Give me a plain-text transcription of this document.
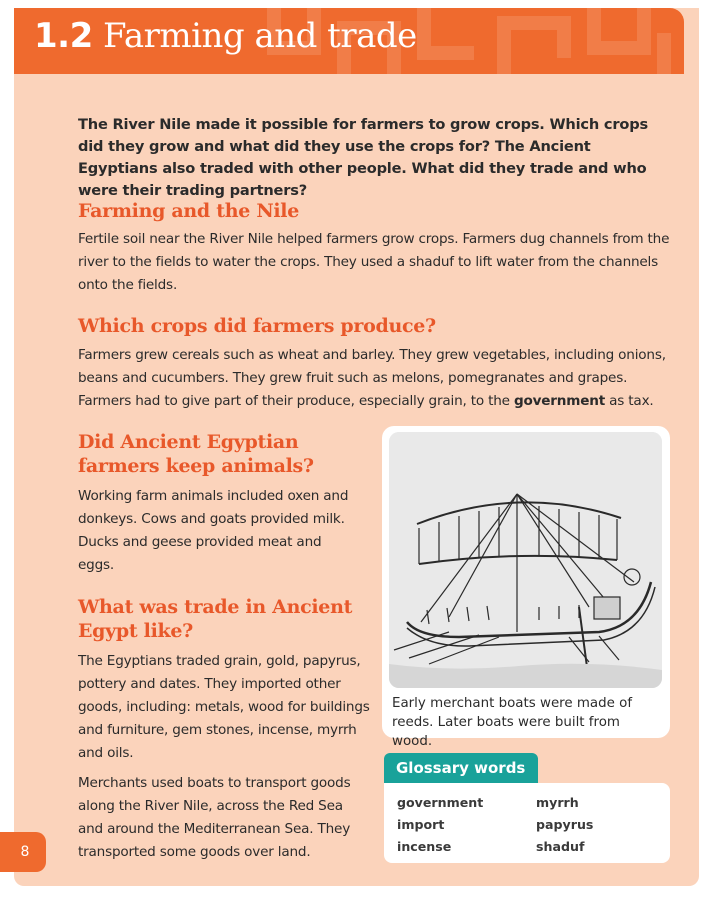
1.2 Farming and trade
The River Nile made it possible for farmers to grow crops. Which crops did they grow and what did they use the crops for? The Ancient Egyptians also traded with other people. What did they trade and who were their trading partners?
Farming and the Nile

Fertile soil near the River Nile helped farmers grow crops. Farmers dug channels from the river to the fields to water the crops. They used a shaduf to lift water from the channels onto the fields.

Which crops did farmers produce?

Farmers grew cereals such as wheat and barley. They grew vegetables, including onions, beans and cucumbers. They grew fruit such as melons, pomegranates and grapes. Farmers had to give part of their produce, especially grain, to the government as tax.

Did Ancient Egyptian
farmers keep animals?

Working farm animals included oxen and donkeys. Cows and goats provided milk. Ducks and geese provided meat and eggs.

What was trade in Ancient
Egypt like?

The Egyptians traded grain, gold, papyrus, pottery and dates. They imported other goods, including: metals, wood for buildings and furniture, gem stones, incense, myrrh and oils.

Merchants used boats to transport goods along the River Nile, across the Red Sea and around the Mediterranean Sea. They transported some goods over land.

Early merchant boats were made of reeds. Later boats were built from wood.

Glossary words
government
import
incense
myrrh
papyrus
shaduf
8
